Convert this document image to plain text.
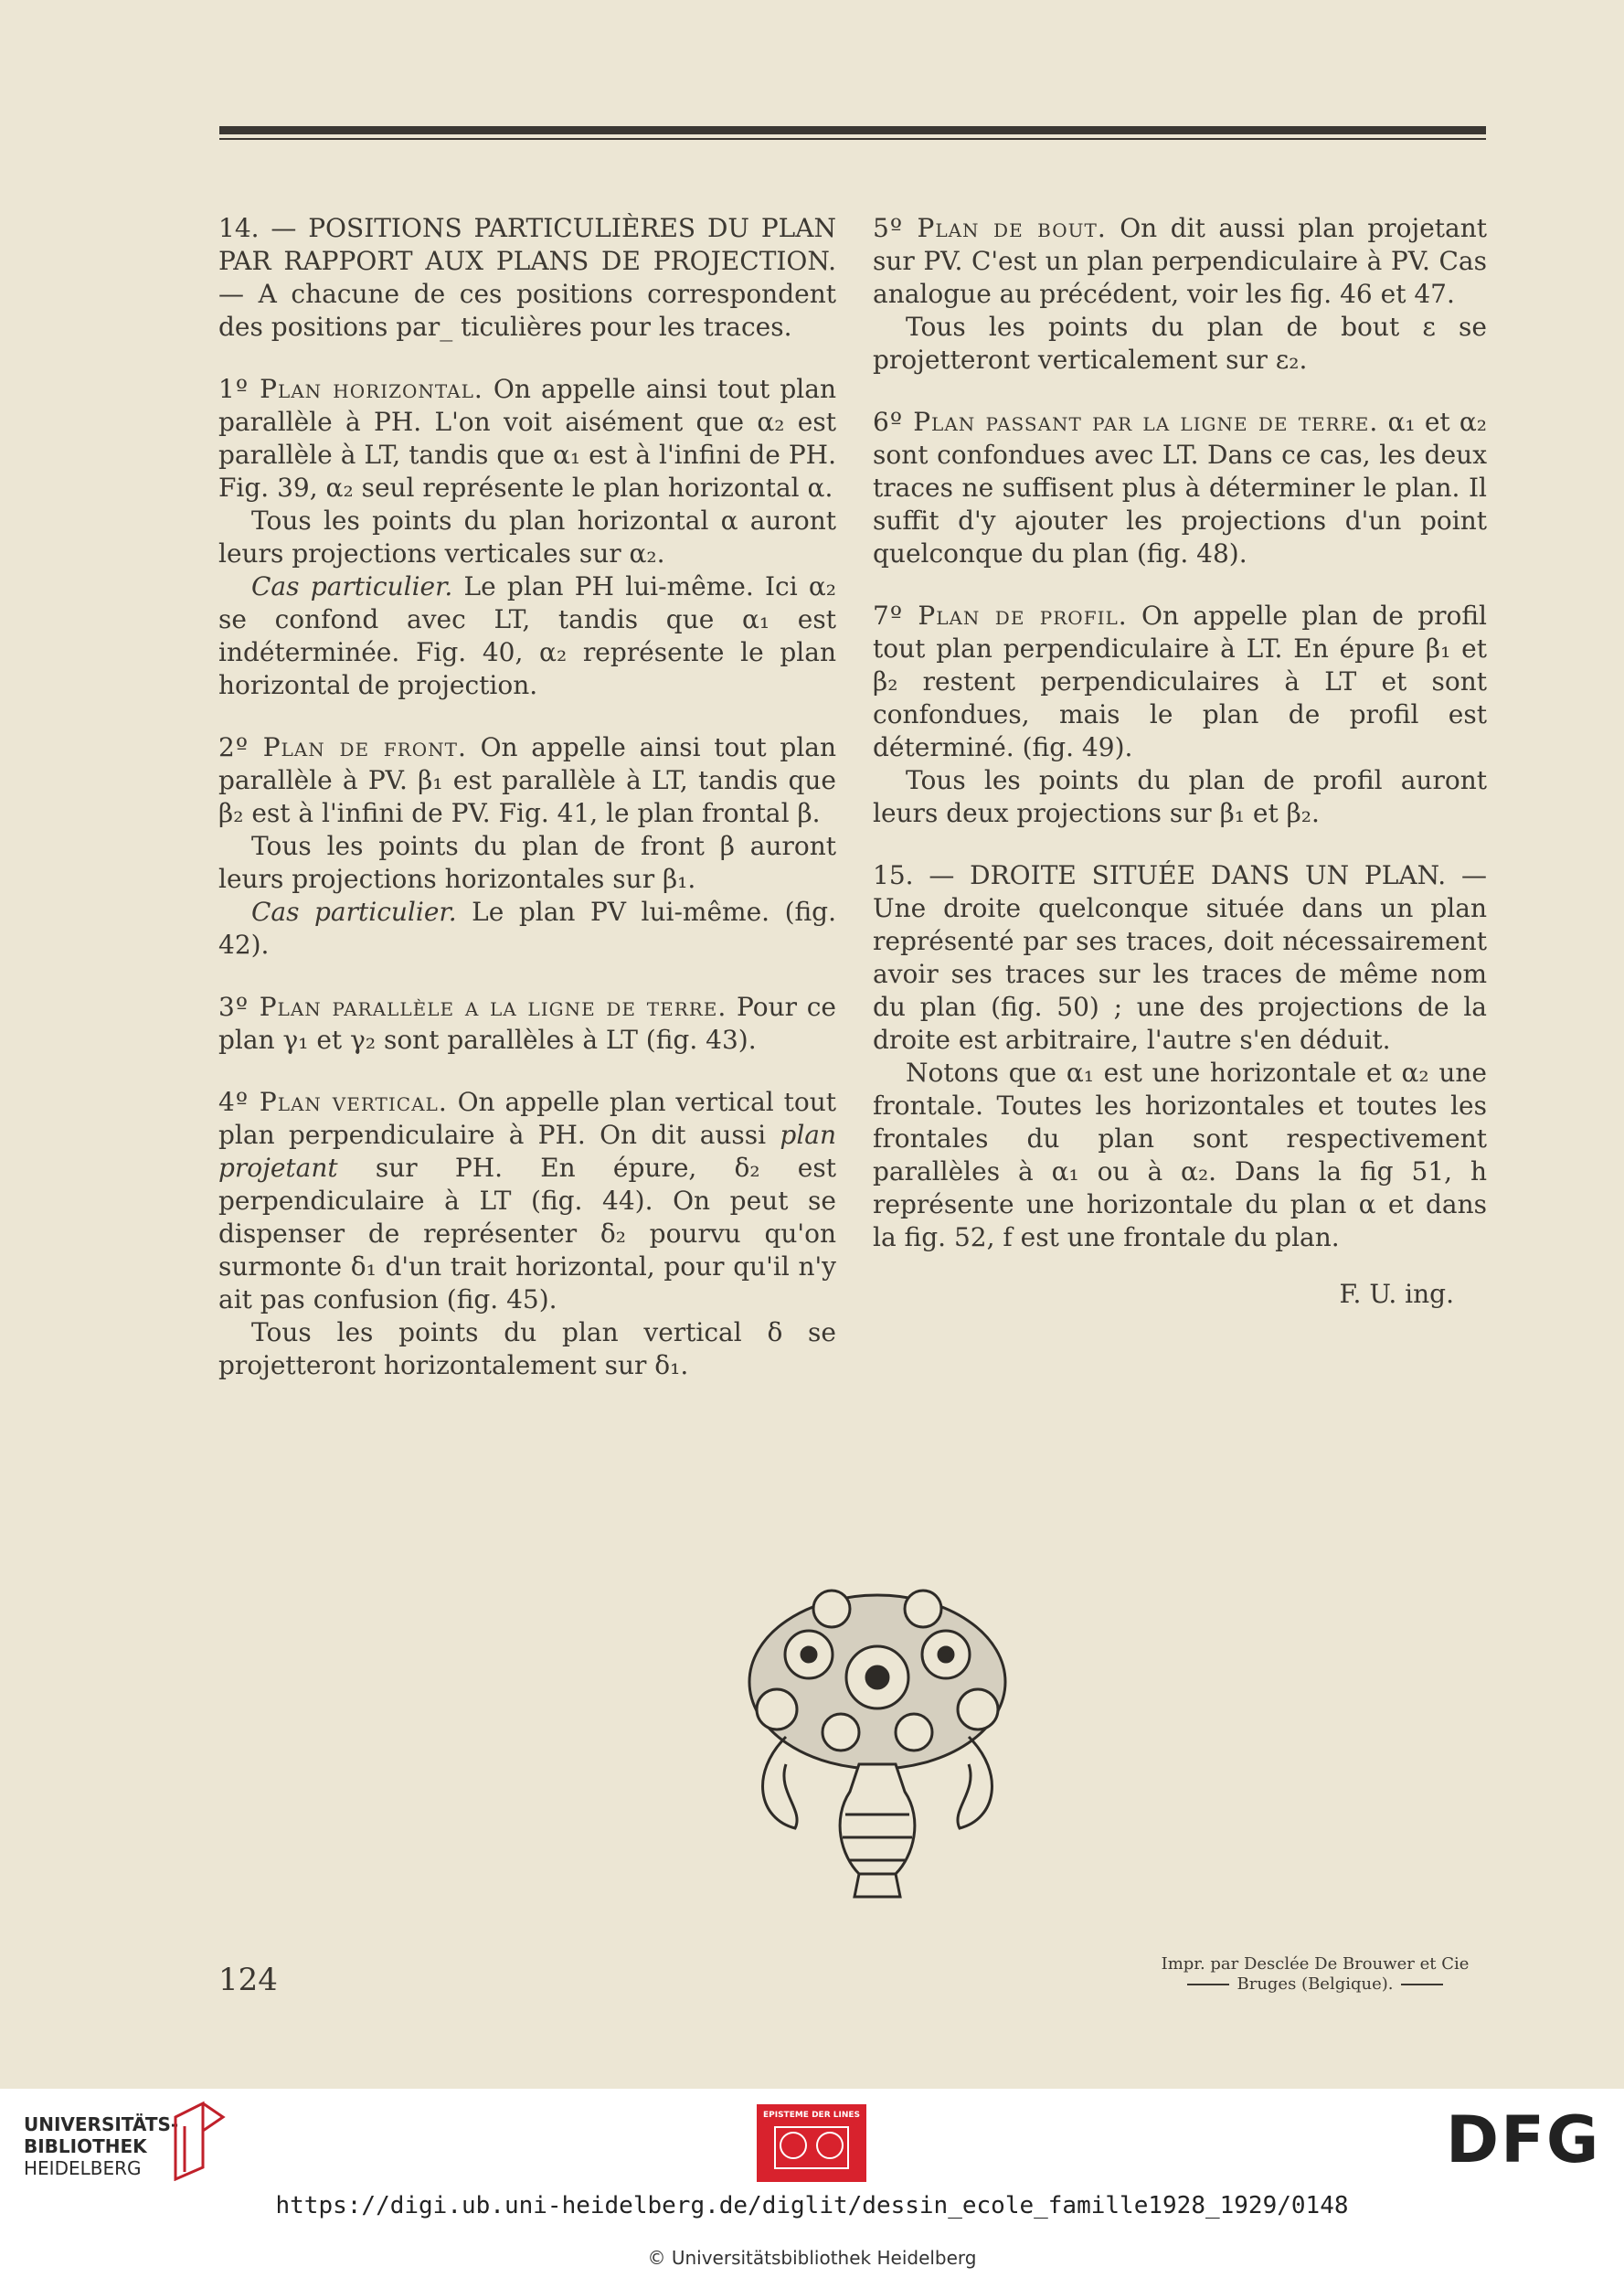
14. — POSITIONS PARTICULIÈRES DU PLAN PAR RAPPORT AUX PLANS DE PROJECTION. — A chacune de ces positions correspondent des positions par_ ticulières pour les traces.

1º Plan horizontal. On appelle ainsi tout plan parallèle à PH. L'on voit aisément que α₂ est parallèle à LT, tandis que α₁ est à l'infini de PH. Fig. 39, α₂ seul représente le plan horizontal α.

Tous les points du plan horizontal α auront leurs projections verticales sur α₂.

Cas particulier. Le plan PH lui-même. Ici α₂ se confond avec LT, tandis que α₁ est indéterminée. Fig. 40, α₂ représente le plan horizontal de projection.

2º Plan de front. On appelle ainsi tout plan parallèle à PV. β₁ est parallèle à LT, tandis que β₂ est à l'infini de PV. Fig. 41, le plan frontal β.

Tous les points du plan de front β auront leurs projections horizontales sur β₁.

Cas particulier. Le plan PV lui-même. (fig. 42).

3º Plan parallèle a la ligne de terre. Pour ce plan γ₁ et γ₂ sont parallèles à LT (fig. 43).

4º Plan vertical. On appelle plan vertical tout plan perpendiculaire à PH. On dit aussi plan projetant sur PH. En épure, δ₂ est perpendiculaire à LT (fig. 44). On peut se dispenser de représenter δ₂ pourvu qu'on surmonte δ₁ d'un trait horizontal, pour qu'il n'y ait pas confusion (fig. 45).

Tous les points du plan vertical δ se projetteront horizontalement sur δ₁.

5º Plan de bout. On dit aussi plan projetant sur PV. C'est un plan perpendiculaire à PV. Cas analogue au précédent, voir les fig. 46 et 47.

Tous les points du plan de bout ε se projetteront verticalement sur ε₂.

6º Plan passant par la ligne de terre. α₁ et α₂ sont confondues avec LT. Dans ce cas, les deux traces ne suffisent plus à déterminer le plan. Il suffit d'y ajouter les projections d'un point quelconque du plan (fig. 48).

7º Plan de profil. On appelle plan de profil tout plan perpendiculaire à LT. En épure β₁ et β₂ restent perpendiculaires à LT et sont confondues, mais le plan de profil est déterminé. (fig. 49).

Tous les points du plan de profil auront leurs deux projections sur β₁ et β₂.

15. — DROITE SITUÉE DANS UN PLAN. — Une droite quelconque située dans un plan représenté par ses traces, doit nécessairement avoir ses traces sur les traces de même nom du plan (fig. 50) ; une des projections de la droite est arbitraire, l'autre s'en déduit.

Notons que α₁ est une horizontale et α₂ une frontale. Toutes les horizontales et toutes les frontales du plan sont respectivement parallèles à α₁ ou à α₂. Dans la fig 51, h représente une horizontale du plan α et dans la fig. 52, f est une frontale du plan.

F. U. ing.

124	Impr. par Desclée De Brouwer et Cie
Bruges (Belgique).
UNIVERSITÄTS-
BIBLIOTHEK
HEIDELBERG
EPISTEME DER LINES	DFG
https://digi.ub.uni-heidelberg.de/diglit/dessin_ecole_famille1928_1929/0148
© Universitätsbibliothek Heidelberg
